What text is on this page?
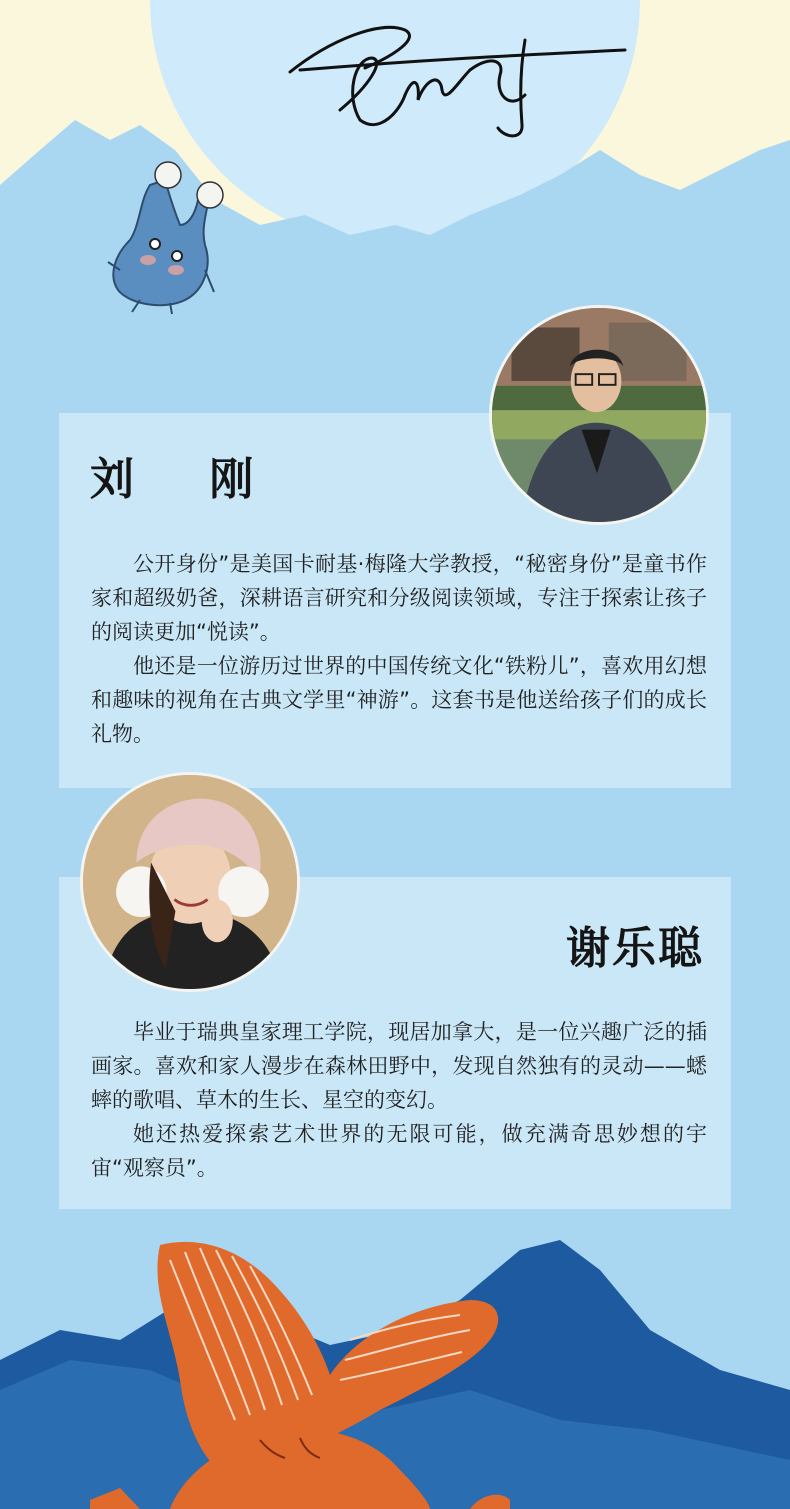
刘 刚

公开身份”是美国卡耐基·梅隆大学教授，“秘密身份”是童书作家和超级奶爸，深耕语言研究和分级阅读领域，专注于探索让孩子的阅读更加“悦读”。

他还是一位游历过世界的中国传统文化“铁粉儿”，喜欢用幻想和趣味的视角在古典文学里“神游”。这套书是他送给孩子们的成长礼物。

谢乐聪

毕业于瑞典皇家理工学院，现居加拿大，是一位兴趣广泛的插画家。喜欢和家人漫步在森林田野中，发现自然独有的灵动——蟋蟀的歌唱、草木的生长、星空的变幻。

她还热爱探索艺术世界的无限可能，做充满奇思妙想的宇宙“观察员”。
